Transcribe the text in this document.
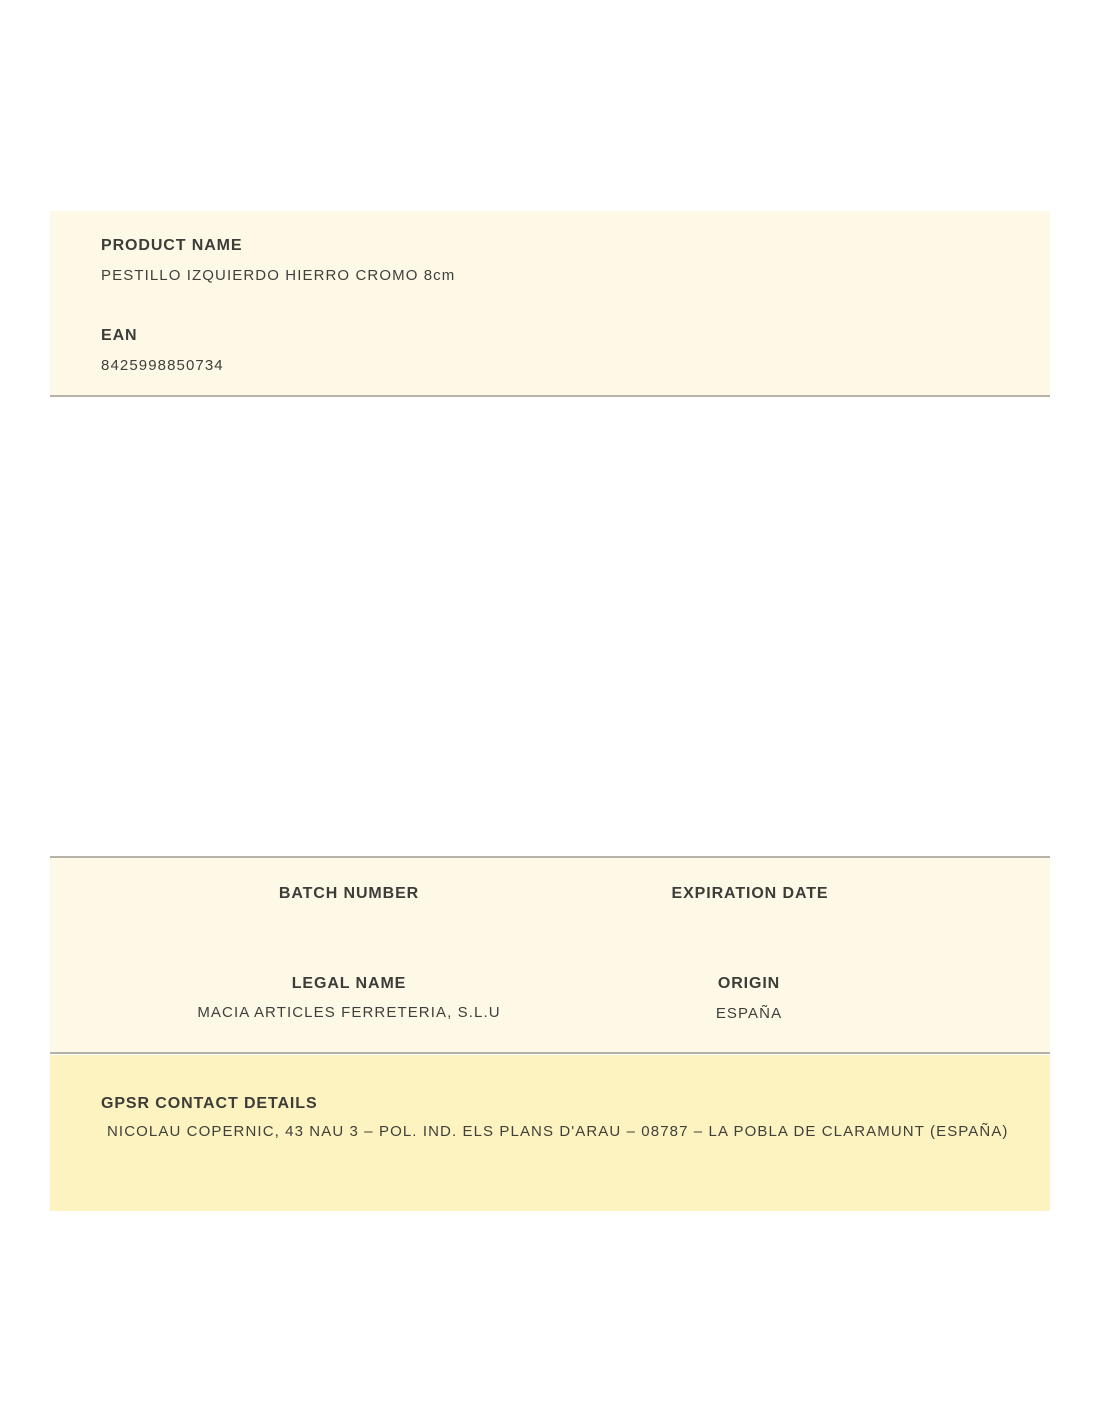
PRODUCT NAME
PESTILLO IZQUIERDO HIERRO CROMO 8cm
EAN
8425998850734
BATCH NUMBER	EXPIRATION DATE
LEGAL NAME
MACIA ARTICLES FERRETERIA, S.L.U
ORIGIN
ESPAÑA
GPSR CONTACT DETAILS
NICOLAU COPERNIC, 43 NAU 3 – POL. IND. ELS PLANS D'ARAU – 08787 – LA POBLA DE CLARAMUNT (ESPAÑA)
